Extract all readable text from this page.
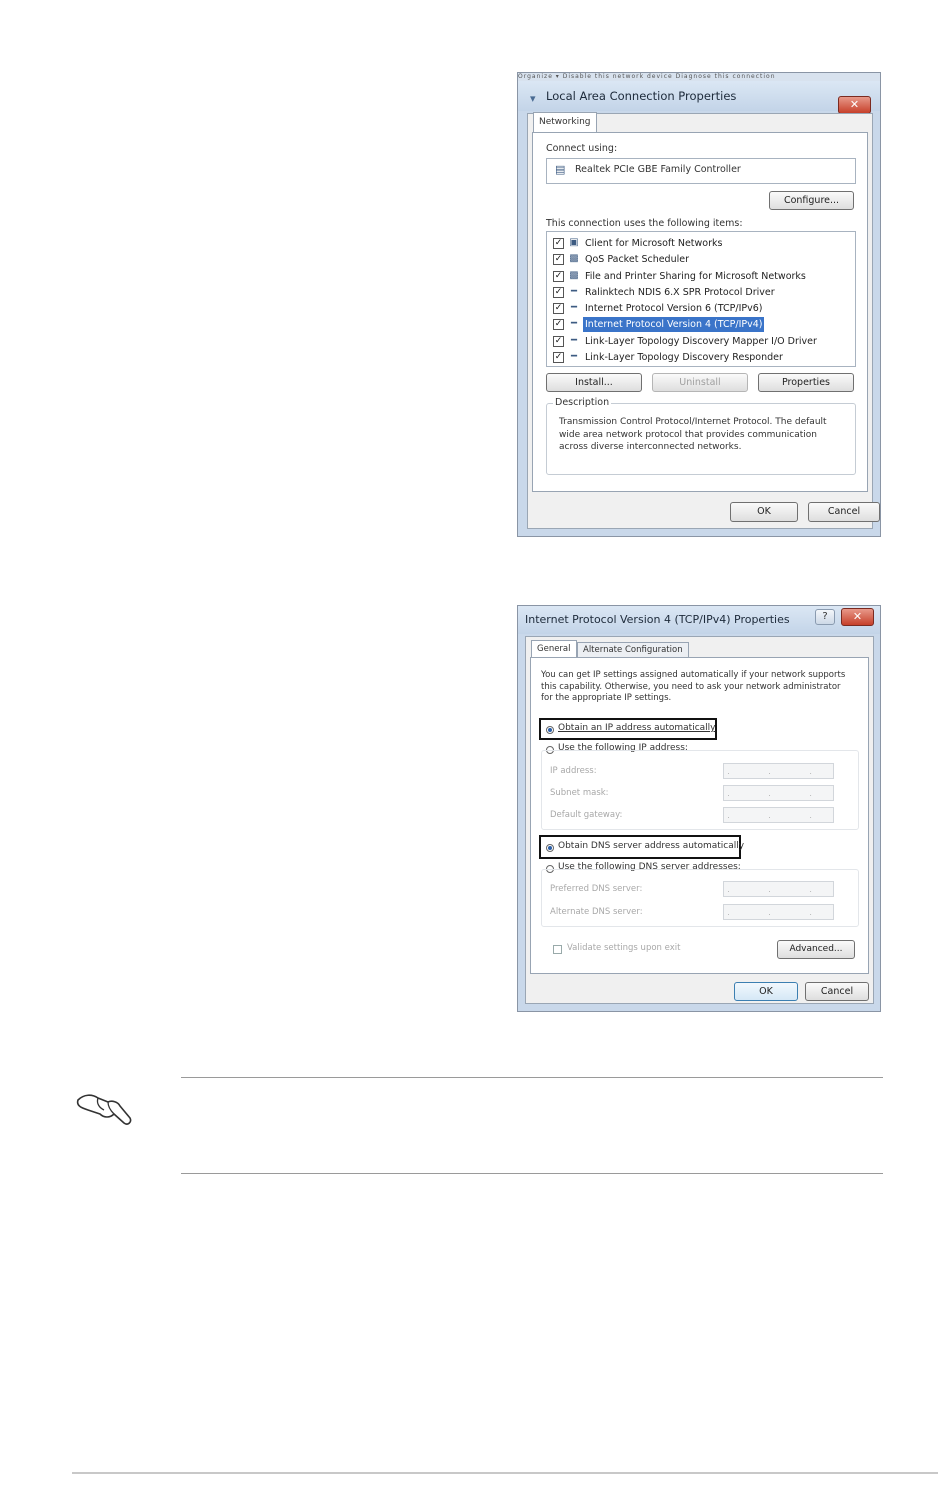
Organize ▾ Disable this network device Diagnose this connection
▾ Local Area Connection Properties
✕
Networking
Connect using:
▤ Realtek PCIe GBE Family Controller
Configure...
This connection uses the following items:
✓ ▣ Client for Microsoft Networks
✓ ▩ QoS Packet Scheduler
✓ ▩ File and Printer Sharing for Microsoft Networks
✓ ━ Ralinktech NDIS 6.X SPR Protocol Driver
✓ ━ Internet Protocol Version 6 (TCP/IPv6)
✓ ━ Internet Protocol Version 4 (TCP/IPv4)
✓ ━ Link-Layer Topology Discovery Mapper I/O Driver
✓ ━ Link-Layer Topology Discovery Responder
Install...	Uninstall	Properties
Description
Transmission Control Protocol/Internet Protocol. The default wide area network protocol that provides communication across diverse interconnected networks.
OK	Cancel
Internet Protocol Version 4 (TCP/IPv4) Properties	?	✕
General	Alternate Configuration
You can get IP settings assigned automatically if your network supports this capability. Otherwise, you need to ask your network administrator for the appropriate IP settings.
Obtain an IP address automatically
Use the following IP address:
IP address:	. . .
Subnet mask:	. . .
Default gateway:	. . .
Obtain DNS server address automatically
Use the following DNS server addresses:
Preferred DNS server:	. . .
Alternate DNS server:	. . .
Validate settings upon exit	Advanced...
OK	Cancel
